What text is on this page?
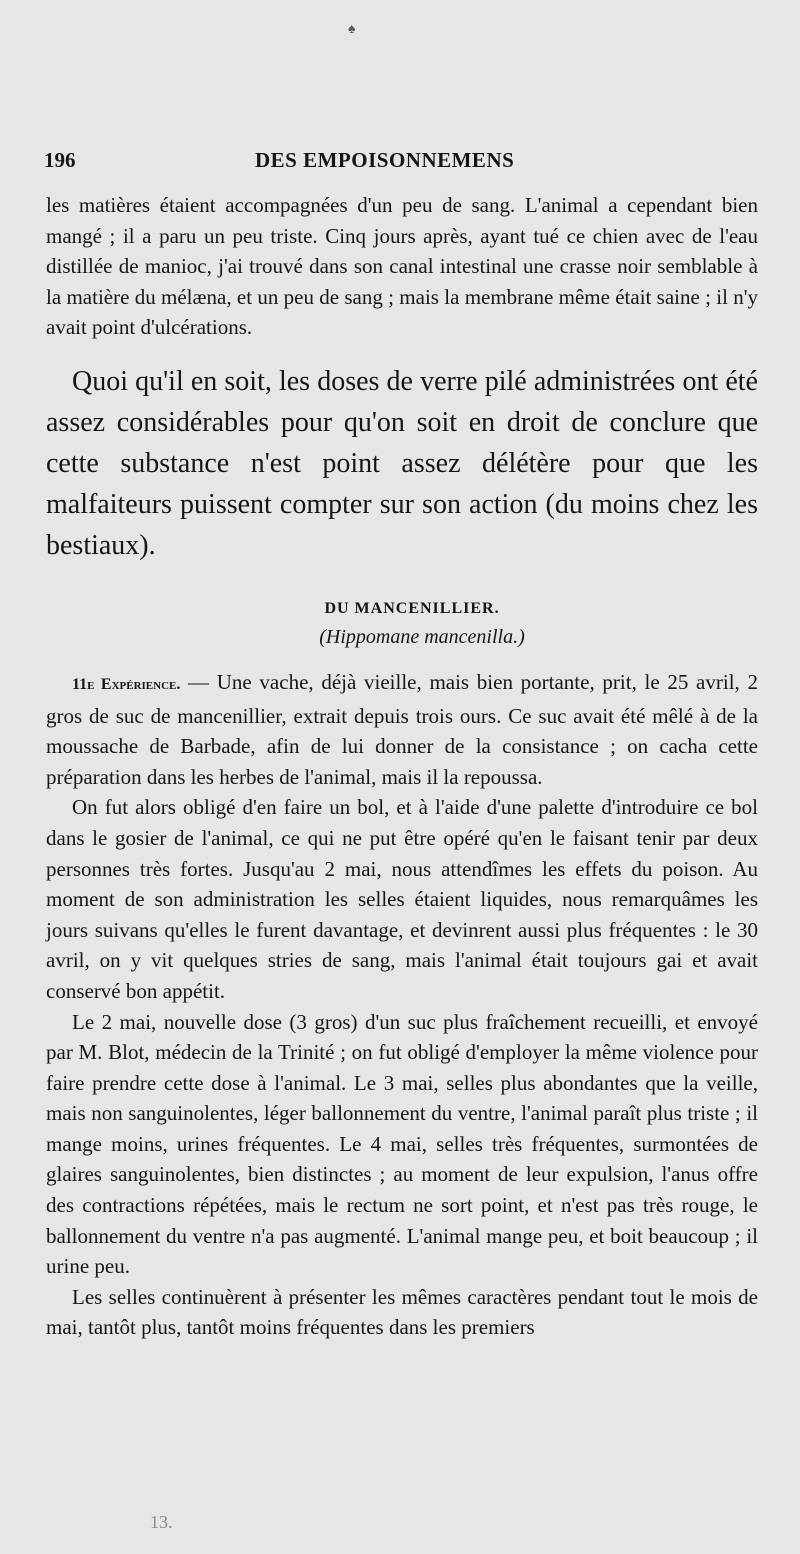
♠
196	DES EMPOISONNEMENS

les matières étaient accompagnées d'un peu de sang. L'animal a cependant bien mangé ; il a paru un peu triste. Cinq jours après, ayant tué ce chien avec de l'eau distillée de manioc, j'ai trouvé dans son canal intestinal une crasse noir semblable à la matière du mélæna, et un peu de sang ; mais la membrane même était saine ; il n'y avait point d'ulcérations.

Quoi qu'il en soit, les doses de verre pilé administrées ont été assez considérables pour qu'on soit en droit de conclure que cette substance n'est point assez délétère pour que les malfaiteurs puissent compter sur son action (du moins chez les bestiaux).

DU MANCENILLIER.
(Hippomane mancenilla.)

11e Expérience. — Une vache, déjà vieille, mais bien portante, prit, le 25 avril, 2 gros de suc de mancenillier, extrait depuis trois ours. Ce suc avait été mêlé à de la moussache de Barbade, afin de lui donner de la consistance ; on cacha cette préparation dans les herbes de l'animal, mais il la repoussa.

On fut alors obligé d'en faire un bol, et à l'aide d'une palette d'introduire ce bol dans le gosier de l'animal, ce qui ne put être opéré qu'en le faisant tenir par deux personnes très fortes. Jusqu'au 2 mai, nous attendîmes les effets du poison. Au moment de son administration les selles étaient liquides, nous remarquâmes les jours suivans qu'elles le furent davantage, et devinrent aussi plus fréquentes : le 30 avril, on y vit quelques stries de sang, mais l'animal était toujours gai et avait conservé bon appétit.

Le 2 mai, nouvelle dose (3 gros) d'un suc plus fraîchement recueilli, et envoyé par M. Blot, médecin de la Trinité ; on fut obligé d'employer la même violence pour faire prendre cette dose à l'animal. Le 3 mai, selles plus abondantes que la veille, mais non sanguinolentes, léger ballonnement du ventre, l'animal paraît plus triste ; il mange moins, urines fréquentes. Le 4 mai, selles très fréquentes, surmontées de glaires sanguinolentes, bien distinctes ; au moment de leur expulsion, l'anus offre des contractions répétées, mais le rectum ne sort point, et n'est pas très rouge, le ballonnement du ventre n'a pas augmenté. L'animal mange peu, et boit beaucoup ; il urine peu.

Les selles continuèrent à présenter les mêmes caractères pendant tout le mois de mai, tantôt plus, tantôt moins fréquentes dans les premiers

13.
